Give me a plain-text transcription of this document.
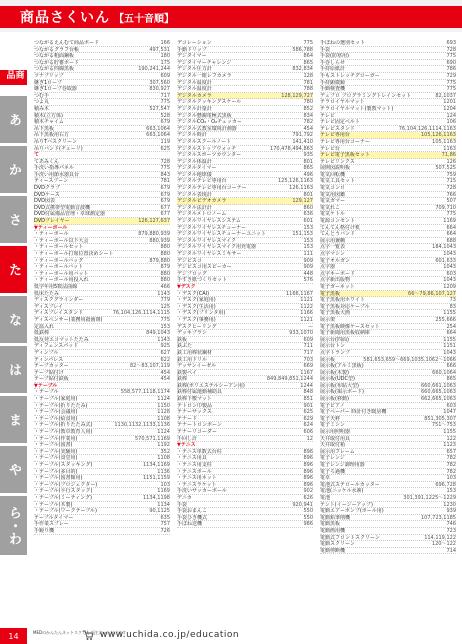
商品さくいん 【五十音順】
商品
あ
か
さ
た
な
は
ま
や
ら・わ
つながるえんむて商品ボード	166
つながるグラフ台帳	497,531
つながる粗面鋼板	180
つながる貯蓄ボード	175
つながる四線黒板	190,241,244
ツナプリップ	609
継ぎ1ロープ	307,560
継ぎ1ロープ巻取器	830,927
つむ手	717
つよ丸	775
積み木	527,547
積木(立方体)	528
積木チャイム	679
吊下黒板	663,1064
吊下黒板用右方	663,1064
吊りTバスクリーン	119
吊りバンド(チューリ)	625
て
てあみくん	728
手洗い指導パネル	775
手洗い用節水器具台	843
ティースプーン	781
DVDクラブ	679
DVDケース	679
DVD図表	679
DVD式携帯型電動音波機	677
DVD付属備品管理・卓球測定器	677
DVDプレイヤー	126,127,637
▼ティーボール
・ティーボール	879,880,939
・ティーボール以下大会	880,939
・ティーボールセット	880
・ティーボール打席位置決めシート	880
・ティーボールバッグ	879,880
・ティーボールバット	879
・ティーボール用バット	880
・ティーボール用投入れ	880
低学年用5数法曲線	466
低床たたみ	1143
ディスクグラインダー	779
ディスプレイ	125
ディスプレイスタンド	76,104,126,1114,1115
ディスペンサー(業務用殺菌剤)	775
定温入れ	153
低鉄棒	849,1043
低反発エコマットたたみ	1143
ディフェンスパッド	925
ディンプル	627
ティンパレス	622
テープカッター	82〜83,107,119
テープ貼付け	454
テープ貼付鉄板	454
▼テーブル
・テーブル	558,577,1118,1174
・テーブル(家庭用)	1124
・テーブル(折りたたみ)	1150
・テーブル(会議用)	1128
・テーブル(給食用)	1108
・テーブル(折りたたみ式)	1130,1132,1133,1136
・テーブル(教卓教育人用)	1124
・テーブル(作業用)	570,571,1169
・テーブル(図書)	1192
・テーブル(実験用)	352
・テーブル(食堂用)	1108
・テーブル(スタッキング)	1134,1169
・テーブル(多目的)	1136
・テーブル(図書館用)	1151,1159
・テーブル(プロジェクター)	103
・テーブル(平行スタック)	1169
・テーブル(ミーティング)	1134,1198
・テーブル(木製)	1134
・テーブル(ワークテーブル)	90,1125
テーブルタイマー	635
手作業スプレー	757
手鏡り機	726
デコレーション	775
手動ドリップ	586,788
デジタイマー	864
デジタイマーチャレンジ	865
デジタル圧力計	832,834
デジタル一眼レフカメラ	128
デジタル温度計	781
デジタル温度計	788
デジタルカメラ	128,129,727
デジタルクッキングスケール	780
デジタル計量計	852
デジタル懸濁電極式黒板	834
デジタルCO₂・O₂チェッカー	782
デジタル式教室環境計測器	454
デジタル時計	791,792
デジタルスクールノート	141,410
デジタルストップウォッチ	170,478,494,863
デジタルスポーツカウンター	935
デジタル体温計	801
デジタルタイマー	865
デジタル地球儀	496
デジタルテレビ専用台	125,126,1163
デジタルテレビ専用台コーナー	126,1163
デジタル表現計	801
デジタルビデオカメラ	129,127
デジタル法計計	860
デジタルメトロノーム	636
デジタルワイヤレスシステム	601
デジタルワイヤレスチューナー	153
デジタルワイヤレスチューナーユニット	151,153
デジタルワイヤレスマイク	153
デジタルワイヤレスマイク用充電器	153
デジタルワイヤレスミキサー	111
デジビスコ	909
デジビスコ用スピーカー	909
デジプロッグ	448
手すき紙づくりセット	576
▼デスク
・デスク(CAI)	1166,1167
・デスク(家庭用)	1121
・デスク(生活用)	1122
・デスク(プリンタ用)	1166
・デスク(事務用)	1121
デスクヒーリング	—
デッキブラシ	933,1070
鉄板	609
鉄ぶた	711
鉄工用棒状鋼材	717
鉄工用ドリル	703
デッサンイーゼル	669
鉄製ペイ	1167
鉄棒	849,849,851,1244
鉄棒(ポリエステルシーアン用)	1244
鉄棒付属運動補助具	848
鉄棒下敷マット	851
テトロン巾製品	901
テナーサックス	625
テナード	629
テナートロンボーン	624
テナーリコーダー	606
手回し計	12
▼テニス
・テニス単数式台柱	896
・テニス用具	896
・テニス用支柱	896
・テニスボール	896
・テニス用ネット	896
・テニスラケット	896
手洗いサッカーボール	902
デニカ	626
手袋	920,941
手袋おまんこ	550
手袋ひき機式	550
手ぼね送機	986
手ぼねの選別セット	693
手袋	728
手袋(防寒用)	775
手巻しらせ	690
手持原紙計	786
手もストレッチグローガー	729
手持顕微鏡	775
手動検査機	775
デュプロ プログラミングトレインセット	82,1037
テラロイヤルマット	1201
テラロイヤルマット(製教マット)	1204
テレビ	124
テレビ固定ベルト	106
テレビスタンド	76,104,126,1114,1163
テレビ専用台	105,126,1163
テレビ専用台コーナー	105,1163
テレビ台	1163
テレビ電子黒板セット	71,86
テレビリンクス	126
展開図説明板	507,525
電気回転機	759
電気工具セット	715
電気コンロ	728
電気用図鑑	766
電気ガマー	507
電気れこ	709,710
電気ケトル	775
電源コンセント	1169
てんてん格付け机	664
てんとうバンド	664
展示用兼棚	688
点字一覧表	184,1043
点字マシン	1043
電子オルガン	601,633
点字器	1043
点字キーボード	603
点字新出版物	1043
電子ガーネット	1209
電子黒板	66〜79,86,107,127
電子黒板用ホワイト	73
電子黒板対応ケーブル	83
電子黒板大画	1155
展示架	255,666
電子黒板映像ケースセット	254
電子新聞用黒板収納庫	664
展示台(四面)	1155
展示台トン	1151
点字トランプ	1043
展示板	581,653,659〜669,1035,1062〜1066
展示板(アルミ黒板)	666
展示板(木製)	660,1064
展示板(UDC型)	865
展示板(布貼大型)	660,661,1063
展示板(掲示ボード)	660,665,1063
展示板(移動)	662,665,1063
電子ピアノ	603
電子ペーパー 時計付き暖房機	1047
電子天秤	851,305,307
電子ミシン	751〜753
展示用照明器	1155
天井取付用具	122
天井取付箱	1123
展示用フレーム	657
電子レンジ	782
電子レンジ調理用器	782
電子ろ過機	782
電卓	103
電池式ステロールカッター	696,728
電池(ニッケル水素)	153
電池	301,391,1225〜1229
テント(イージーアップ)	1230
電動エアーポンプ(ボール用)	939
電動鉛筆削機	107,723,1185
電動黒板	746
電動画用機	723
電動式フロントスクリーン	114,119,122
電動スクリーン	120〜122
電動剪断機	714
14	MEDのかんたんネットスクでもご注文いただけます
www.uchida.co.jp/education
